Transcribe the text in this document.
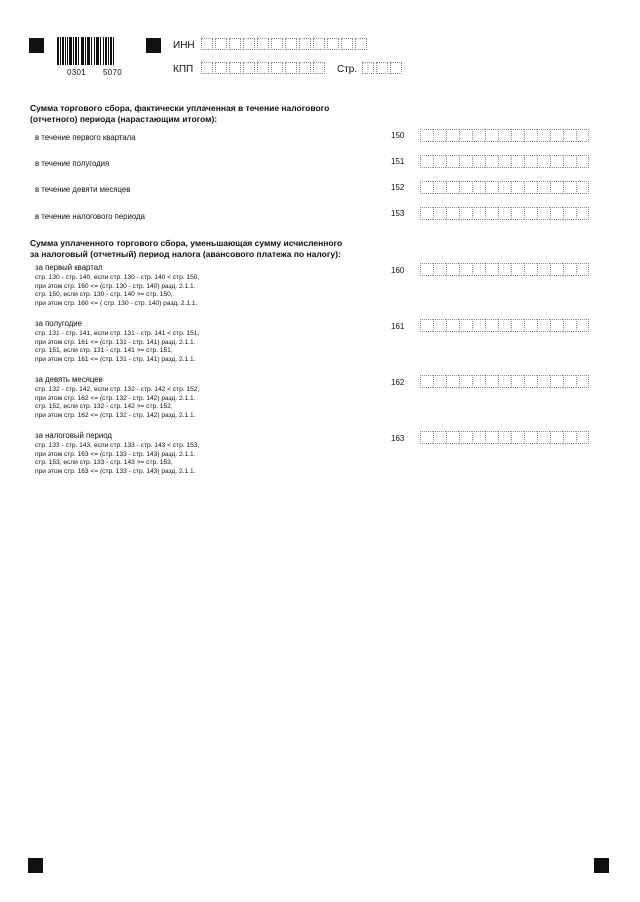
0301 5070
ИНН
КПП	Стр.
Сумма торгового сбора, фактически уплаченная в течение налогового
(отчетного) периода (нарастающим итогом):
в течение первого квартала	150
в течение полугодия	151
в течение девяти месяцев	152
в течение налогового периода	153
Сумма уплаченного торгового сбора, уменьшающая сумму исчисленного
за налоговый (отчетный) период налога (авансового платежа по налогу):
за первый квартал	160
стр. 130 - стр. 140, если стр. 130 - стр. 140 < стр. 150,
при этом стр. 160 <= (стр. 130 - стр. 140) разд. 2.1.1.
стр. 150, если стр. 130 - стр. 140 >= стр. 150,
при этом стр. 160 <= ( стр. 130 - стр. 140) разд. 2.1.1.
за полугодие	161
стр. 131 - стр. 141, если стр. 131 - стр. 141 < стр. 151,
при этом стр. 161 <= (стр. 131 - стр. 141) разд. 2.1.1.
стр. 151, если стр. 131 - стр. 141 >= стр. 151,
при этом стр. 161 <= (стр. 131 - стр. 141) разд. 2.1.1.
за девять месяцев	162
стр. 132 - стр. 142, если стр. 132 - стр. 142 < стр. 152,
при этом стр. 162 <= (стр. 132 - стр. 142) разд. 2.1.1.
стр. 152, если стр. 132 - стр. 142 >= стр. 152,
при этом стр. 162 <= (стр. 132 - стр. 142) разд. 2.1.1.
за налоговый период	163
стр. 133 - стр. 143, если стр. 133 - стр. 143 < стр. 153,
при этом стр. 163 <= (стр. 133 - стр. 143) разд. 2.1.1.
стр. 153, если стр. 133 - стр. 143 >= стр. 153,
при этом стр. 163 <= (стр. 133 - стр. 143) разд. 2.1.1.
